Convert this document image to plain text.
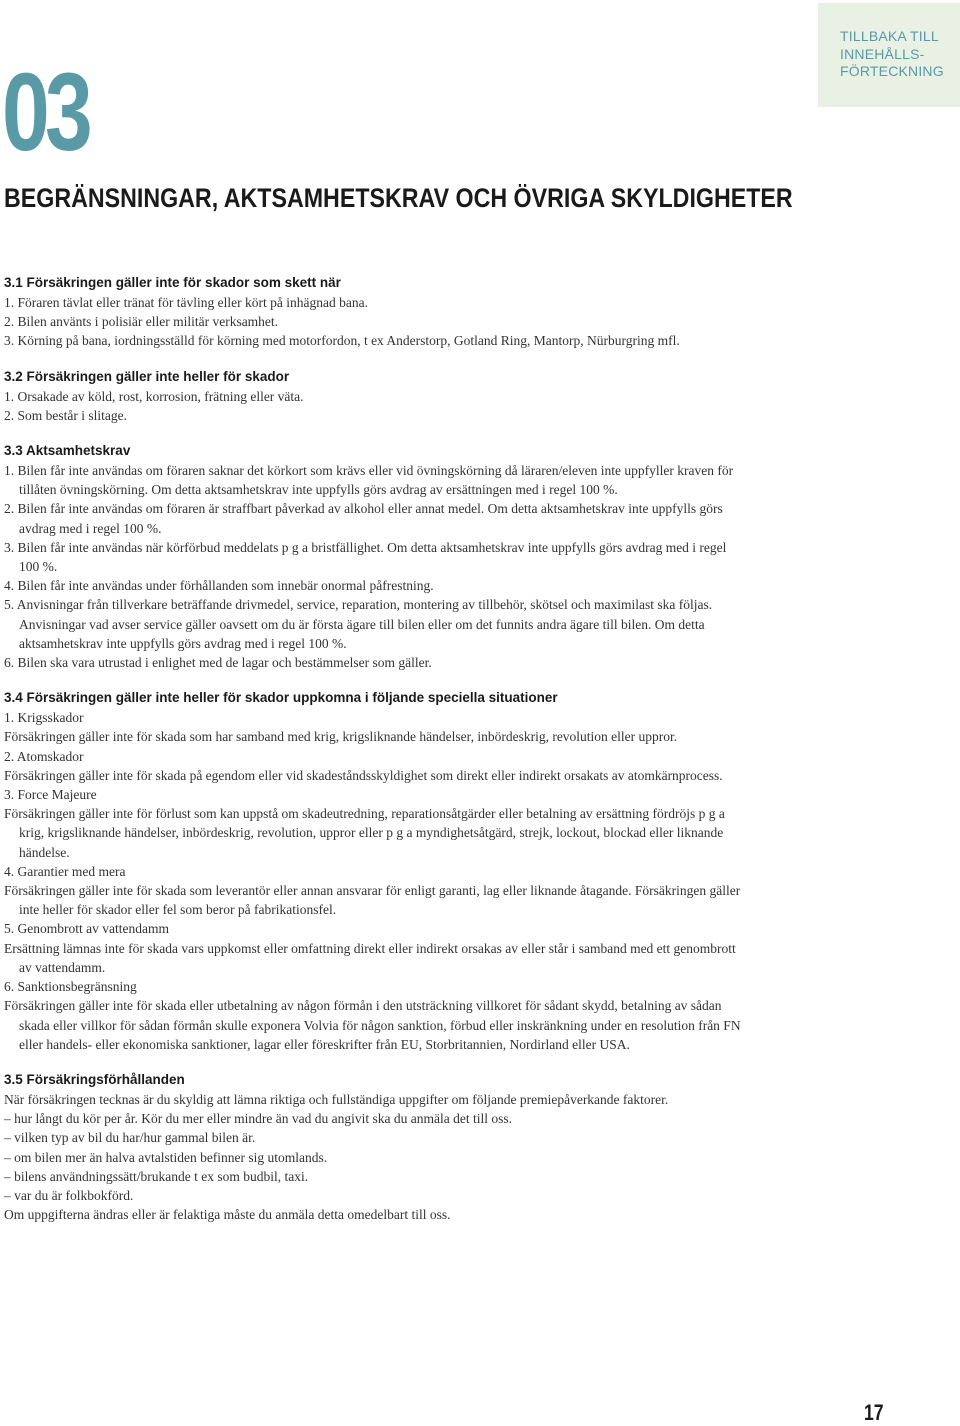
TILLBAKA TILL
INNEHÅLLS-
FÖRTECKNING
03
BEGRÄNSNINGAR, AKTSAMHETSKRAV OCH ÖVRIGA SKYLDIGHETER

3.1 Försäkringen gäller inte för skador som skett när

1. Föraren tävlat eller tränat för tävling eller kört på inhägnad bana.

2. Bilen använts i polisiär eller militär verksamhet.

3. Körning på bana, iordningsställd för körning med motorfordon, t ex Anderstorp, Gotland Ring, Mantorp, Nürburgring mfl.

3.2 Försäkringen gäller inte heller för skador

1. Orsakade av köld, rost, korrosion, frätning eller väta.

2. Som består i slitage.

3.3 Aktsamhetskrav

1. Bilen får inte användas om föraren saknar det körkort som krävs eller vid övningskörning då läraren/eleven inte uppfyller kraven för tillåten övningskörning. Om detta aktsamhetskrav inte uppfylls görs avdrag av ersättningen med i regel 100 %.

2. Bilen får inte användas om föraren är straffbart påverkad av alkohol eller annat medel. Om detta aktsamhetskrav inte uppfylls görs avdrag med i regel 100 %.

3. Bilen får inte användas när körförbud meddelats p g a bristfällighet. Om detta aktsamhetskrav inte uppfylls görs avdrag med i regel 100 %.

4. Bilen får inte användas under förhållanden som innebär onormal påfrestning.

5. Anvisningar från tillverkare beträffande drivmedel, service, reparation, montering av tillbehör, skötsel och maximilast ska följas. Anvisningar vad avser service gäller oavsett om du är första ägare till bilen eller om det funnits andra ägare till bilen. Om detta aktsamhetskrav inte uppfylls görs avdrag med i regel 100 %.

6. Bilen ska vara utrustad i enlighet med de lagar och bestämmelser som gäller.

3.4 Försäkringen gäller inte heller för skador uppkomna i följande speciella situationer

1. Krigsskador
Försäkringen gäller inte för skada som har samband med krig, krigsliknande händelser, inbördeskrig, revolution eller uppror.

2. Atomskador
Försäkringen gäller inte för skada på egendom eller vid skadeståndsskyldighet som direkt eller indirekt orsakats av atomkärnprocess.

3. Force Majeure
Försäkringen gäller inte för förlust som kan uppstå om skadeutredning, reparationsåtgärder eller betalning av ersättning fördröjs p g a krig, krigsliknande händelser, inbördeskrig, revolution, uppror eller p g a myndighetsåtgärd, strejk, lockout, blockad eller liknande händelse.

4. Garantier med mera
Försäkringen gäller inte för skada som leverantör eller annan ansvarar för enligt garanti, lag eller liknande åtagande. Försäkringen gäller inte heller för skador eller fel som beror på fabrikationsfel.

5. Genombrott av vattendamm
Ersättning lämnas inte för skada vars uppkomst eller omfattning direkt eller indirekt orsakas av eller står i samband med ett genombrott av vattendamm.

6. Sanktionsbegränsning
Försäkringen gäller inte för skada eller utbetalning av någon förmån i den utsträckning villkoret för sådant skydd, betalning av sådan skada eller villkor för sådan förmån skulle exponera Volvia för någon sanktion, förbud eller inskränkning under en resolution från FN eller handels- eller ekonomiska sanktioner, lagar eller föreskrifter från EU, Storbritannien, Nordirland eller USA.

3.5 Försäkringsförhållanden

När försäkringen tecknas är du skyldig att lämna riktiga och fullständiga uppgifter om följande premiepåverkande faktorer.

– hur långt du kör per år. Kör du mer eller mindre än vad du angivit ska du anmäla det till oss.

– vilken typ av bil du har/hur gammal bilen är.

– om bilen mer än halva avtalstiden befinner sig utomlands.

– bilens användningssätt/brukande t ex som budbil, taxi.

– var du är folkbokförd.

Om uppgifterna ändras eller är felaktiga måste du anmäla detta omedelbart till oss.

17
